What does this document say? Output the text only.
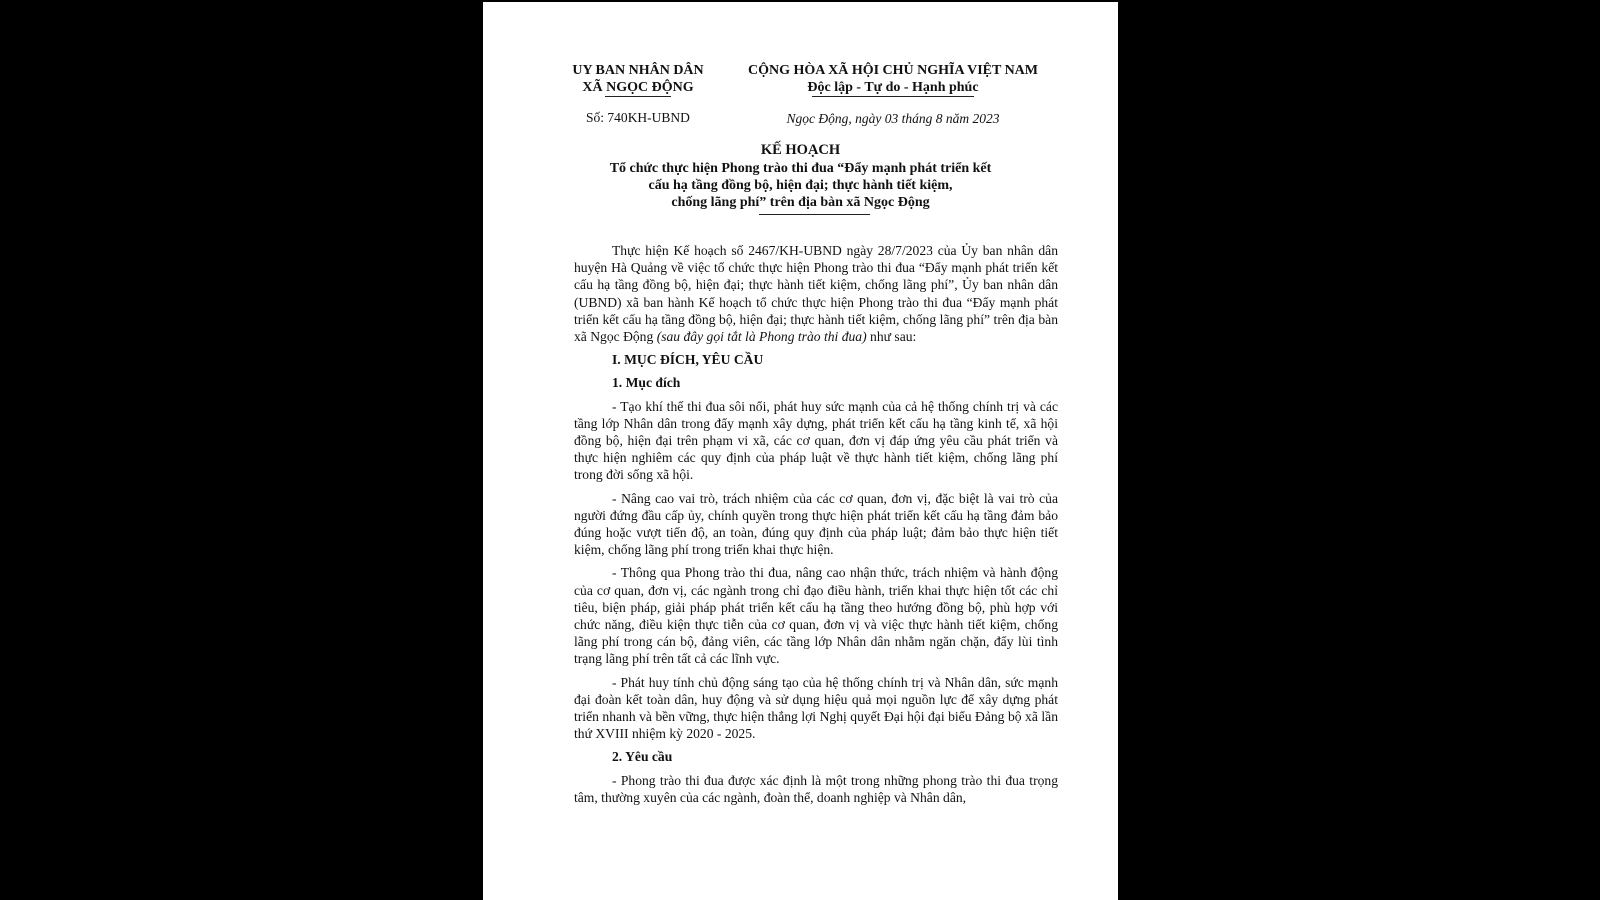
UY BAN NHÂN DÂN
XÃ NGỌC ĐỘNG
Số: 740KH-UBND
CỘNG HÒA XÃ HỘI CHỦ NGHĨA VIỆT NAM
Độc lập - Tự do - Hạnh phúc
Ngọc Động, ngày 03 tháng 8 năm 2023
KẾ HOẠCH
Tổ chức thực hiện Phong trào thi đua “Đẩy mạnh phát triển kết
cấu hạ tầng đồng bộ, hiện đại; thực hành tiết kiệm,
chống lãng phí” trên địa bàn xã Ngọc Động

Thực hiện Kế hoạch số 2467/KH-UBND ngày 28/7/2023 của Ủy ban nhân dân huyện Hà Quảng về việc tổ chức thực hiện Phong trào thi đua “Đẩy mạnh phát triển kết cấu hạ tầng đồng bộ, hiện đại; thực hành tiết kiệm, chống lãng phí”, Ủy ban nhân dân (UBND) xã ban hành Kế hoạch tổ chức thực hiện Phong trào thi đua “Đẩy mạnh phát triển kết cấu hạ tầng đồng bộ, hiện đại; thực hành tiết kiệm, chống lãng phí” trên địa bàn xã Ngọc Động (sau đây gọi tắt là Phong trào thi đua) như sau:

I. MỤC ĐÍCH, YÊU CẦU

1. Mục đích

- Tạo khí thế thi đua sôi nổi, phát huy sức mạnh của cả hệ thống chính trị và các tầng lớp Nhân dân trong đẩy mạnh xây dựng, phát triển kết cấu hạ tầng kinh tế, xã hội đồng bộ, hiện đại trên phạm vi xã, các cơ quan, đơn vị đáp ứng yêu cầu phát triển và thực hiện nghiêm các quy định của pháp luật về thực hành tiết kiệm, chống lãng phí trong đời sống xã hội.

- Nâng cao vai trò, trách nhiệm của các cơ quan, đơn vị, đặc biệt là vai trò của người đứng đầu cấp ủy, chính quyền trong thực hiện phát triển kết cấu hạ tầng đảm bảo đúng hoặc vượt tiến độ, an toàn, đúng quy định của pháp luật; đảm bảo thực hiện tiết kiệm, chống lãng phí trong triển khai thực hiện.

- Thông qua Phong trào thi đua, nâng cao nhận thức, trách nhiệm và hành động của cơ quan, đơn vị, các ngành trong chỉ đạo điều hành, triển khai thực hiện tốt các chỉ tiêu, biện pháp, giải pháp phát triển kết cấu hạ tầng theo hướng đồng bộ, phù hợp với chức năng, điều kiện thực tiễn của cơ quan, đơn vị và việc thực hành tiết kiệm, chống lãng phí trong cán bộ, đảng viên, các tầng lớp Nhân dân nhằm ngăn chặn, đẩy lùi tình trạng lãng phí trên tất cả các lĩnh vực.

- Phát huy tính chủ động sáng tạo của hệ thống chính trị và Nhân dân, sức mạnh đại đoàn kết toàn dân, huy động và sử dụng hiệu quả mọi nguồn lực để xây dựng phát triển nhanh và bền vững, thực hiện thắng lợi Nghị quyết Đại hội đại biểu Đảng bộ xã lần thứ XVIII nhiệm kỳ 2020 - 2025.

2. Yêu cầu

- Phong trào thi đua được xác định là một trong những phong trào thi đua trọng tâm, thường xuyên của các ngành, đoàn thể, doanh nghiệp và Nhân dân,
